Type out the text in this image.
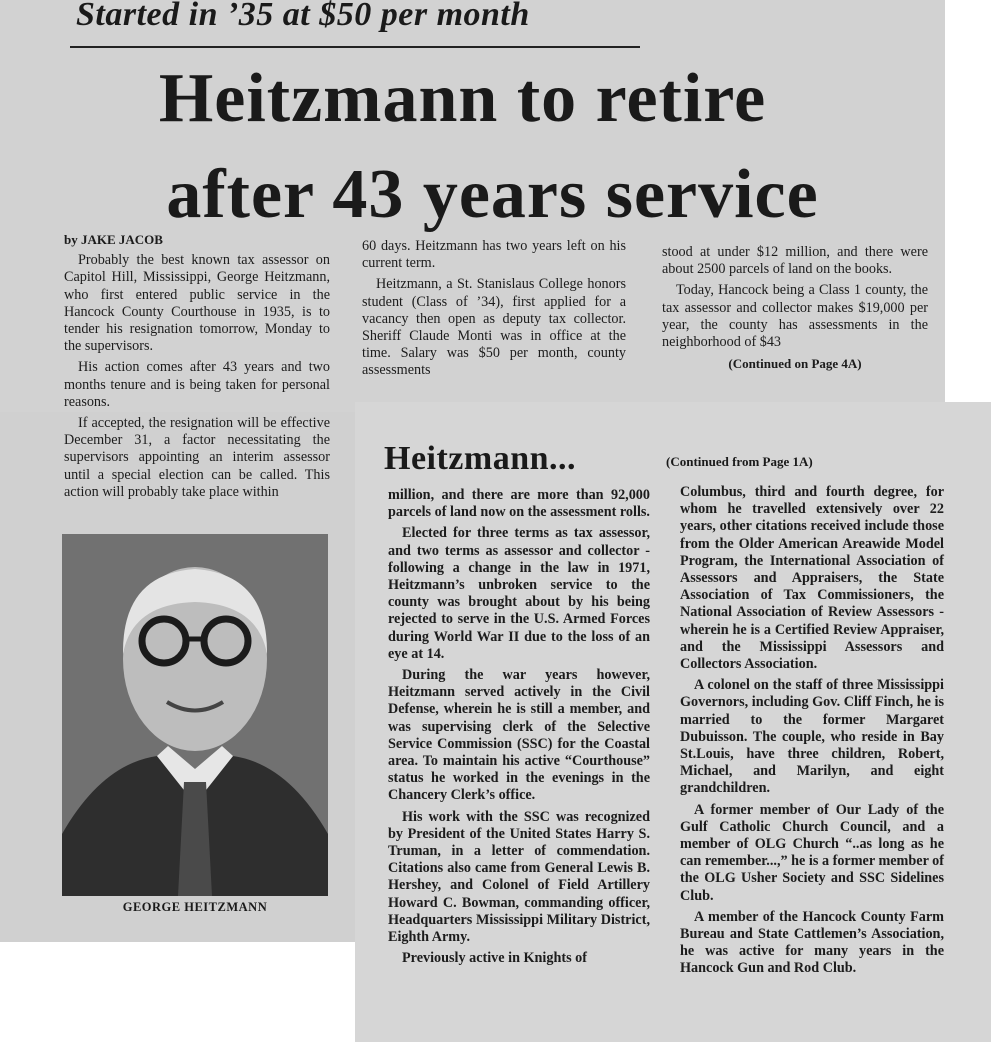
Started in ’35 at $50 per month
Heitzmann to retire
after 43 years service

by JAKE JACOB

Probably the best known tax assessor on Capitol Hill, Mississippi, George Heitzmann, who first entered public service in the Hancock County Courthouse in 1935, is to tender his resignation tomorrow, Monday to the supervisors.

His action comes after 43 years and two months tenure and is being taken for personal reasons.

If accepted, the resignation will be effective December 31, a factor necessitating the supervisors appointing an interim assessor until a special election can be called. This action will probably take place within

60 days. Heitzmann has two years left on his current term.

Heitzmann, a St. Stanislaus College honors student (Class of ’34), first applied for a vacancy then open as deputy tax collector. Sheriff Claude Monti was in office at the time. Salary was $50 per month, county assessments

stood at under $12 million, and there were about 2500 parcels of land on the books.

Today, Hancock being a Class 1 county, the tax assessor and collector makes $19,000 per year, the county has assessments in the neighborhood of $43

(Continued on Page 4A)

GEORGE HEITZMANN
Heitzmann...	(Continued from Page 1A)

million, and there are more than 92,000 parcels of land now on the assessment rolls.

Elected for three terms as tax assessor, and two terms as assessor and collector - following a change in the law in 1971, Heitzmann’s unbroken service to the county was brought about by his being rejected to serve in the U.S. Armed Forces during World War II due to the loss of an eye at 14.

During the war years however, Heitzmann served actively in the Civil Defense, wherein he is still a member, and was supervising clerk of the Selective Service Commission (SSC) for the Coastal area. To maintain his active “Courthouse” status he worked in the evenings in the Chancery Clerk’s office.

His work with the SSC was recognized by President of the United States Harry S. Truman, in a letter of commendation. Citations also came from General Lewis B. Hershey, and Colonel of Field Artillery Howard C. Bowman, commanding officer, Headquarters Mississippi Military District, Eighth Army.

Previously active in Knights of

Columbus, third and fourth degree, for whom he travelled extensively over 22 years, other citations received include those from the Older American Areawide Model Program, the International Association of Assessors and Appraisers, the State Association of Tax Commissioners, the National Association of Review Assessors - wherein he is a Certified Review Appraiser, and the Mississippi Assessors and Collectors Association.

A colonel on the staff of three Mississippi Governors, including Gov. Cliff Finch, he is married to the former Margaret Dubuisson. The couple, who reside in Bay St.Louis, have three children, Robert, Michael, and Marilyn, and eight grandchildren.

A former member of Our Lady of the Gulf Catholic Church Council, and a member of OLG Church “..as long as he can remember...,” he is a former member of the OLG Usher Society and SSC Sidelines Club.

A member of the Hancock County Farm Bureau and State Cattlemen’s Association, he was active for many years in the Hancock Gun and Rod Club.
